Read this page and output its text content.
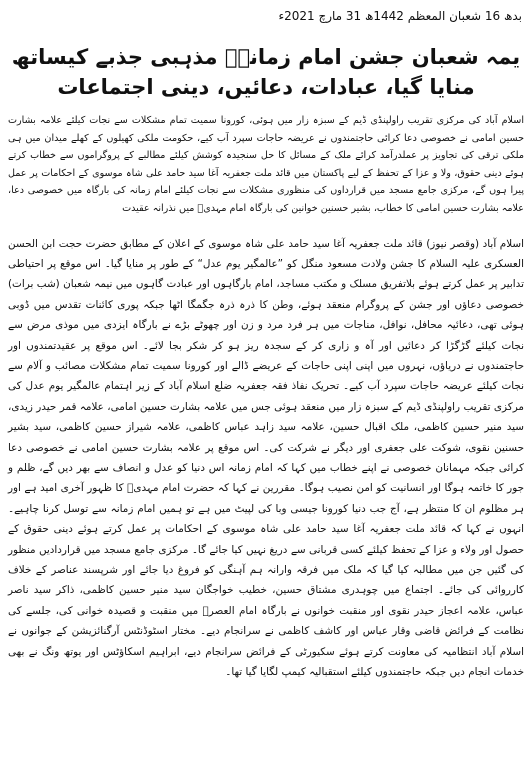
بدھ 16 شعبان المعظم 1442ھ 31 مارچ 2021ء
یمہ شعبان جشن امام زمانہؑ مذہبی جذبے کیساتھ منایا گیا، عبادات، دعائیں، دینی اجتماعات

اسلام آباد کی مرکزی تقریب راولپنڈی ڈیم کے سبزہ زار میں ہوئی، کورونا سمیت تمام مشکلات سے نجات کیلئے علامہ بشارت حسین امامی نے خصوصی دعا کرائی حاجتمندوں نے عریضہ حاجات سپرد آب کیے، حکومت ملکی کھیلوں کے کھلے میدان میں ہی ملکی ترقی کی تجاویز پر عملدرآمد کرائے ملک کے مسائل کا حل سنجیدہ کوشش کیلئے مطالبے کے پروگراموں سے خطاب کرتے ہوئے دینی حقوق، ولا و عزا کے تحفظ کے لیے پاکستان میں قائد ملت جعفریہ آغا سید حامد علی شاہ موسوی کے احکامات پر عمل پیرا ہوں گے، مرکزی جامع مسجد میں قرارداوں کی منظوری مشکلات سے نجات کیلئے امام زمانہ کی بارگاہ میں خصوصی دعا، علامہ بشارت حسین امامی کا خطاب، بشیر حسنین خوانین کی بارگاہ امام مہدیؑ میں نذرانہ عقیدت

اسلام آباد (وقصر نیوز) قائد ملت جعفریہ آغا سید حامد علی شاہ موسوی کے اعلان کے مطابق حضرت حجت ابن الحسن العسکری علیہ السلام کا جشن ولادت مسعود منگل کو ”عالمگیر یوم عدل“ کے طور پر منایا گیا۔ اس موقع پر احتیاطی تدابیر پر عمل کرتے ہوئے بلاتفریق مسلک و مکتب مساجد، امام بارگاہوں اور عبادت گاہوں میں نیمہ شعبان (شب برات) خصوصی دعاؤں اور جشن کے پروگرام منعقد ہوئے، وطن کا ذرہ ذرہ جگمگا اٹھا جبکہ پوری کائنات تقدس میں ڈوبی ہوئی تھی، دعائیہ محافل، نوافل، مناجات میں ہر فرد مرد و زن اور چھوٹے بڑے نے بارگاہ ایزدی میں موذی مرض سے نجات کیلئے گڑگڑا کر دعائیں اور آہ و زاری کر کے سجدہ ریز ہو کر شکر بجا لائے۔ اس موقع پر عقیدتمندوں اور حاجتمندوں نے دریاؤں، نہروں میں اپنی اپنی حاجات کے عریضے ڈالے اور کورونا سمیت تمام مشکلات مصائب و آلام سے نجات کیلئے عریضہ حاجات سپرد آب کیے۔ تحریک نفاذ فقہ جعفریہ ضلع اسلام آباد کے زیر اہتمام عالمگیر یوم عدل کی مرکزی تقریب راولپنڈی ڈیم کے سبزہ زار میں منعقد ہوئی جس میں علامہ بشارت حسین امامی، علامہ قمر حیدر زیدی، سید منیر حسین کاظمی، ملک اقبال حسین، علامہ سید زاہد عباس کاظمی، علامہ شیراز حسین کاظمی، سید بشیر حسنین نقوی، شوکت علی جعفری اور دیگر نے شرکت کی۔ اس موقع پر علامہ بشارت حسین امامی نے خصوصی دعا کرائی جبکہ مہمانان خصوصی نے اپنے خطاب میں کہا کہ امام زمانہ اس دنیا کو عدل و انصاف سے بھر دیں گے، ظلم و جور کا خاتمہ ہوگا اور انسانیت کو امن نصیب ہوگا۔ مقررین نے کہا کہ حضرت امام مہدیؑ کا ظہور آخری امید ہے اور ہر مظلوم ان کا منتظر ہے، آج جب دنیا کورونا جیسی وبا کی لپیٹ میں ہے تو ہمیں امام زمانہ سے توسل کرنا چاہیے۔ انہوں نے کہا کہ قائد ملت جعفریہ آغا سید حامد علی شاہ موسوی کے احکامات پر عمل کرتے ہوئے دینی حقوق کے حصول اور ولاء و عزا کے تحفظ کیلئے کسی قربانی سے دریغ نہیں کیا جائے گا۔ مرکزی جامع مسجد میں قراردادیں منظور کی گئیں جن میں مطالبہ کیا گیا کہ ملک میں فرقہ وارانہ ہم آہنگی کو فروغ دیا جائے اور شرپسند عناصر کے خلاف کارروائی کی جائے۔ اجتماع میں چوہدری مشتاق حسین، خطیب خواجگان سید منیر حسین کاظمی، ذاکر سید ناصر عباس، علامہ اعجاز حیدر نقوی اور منقبت خوانوں نے بارگاہ امام العصرؑ میں منقبت و قصیدہ خوانی کی، جلسے کی نظامت کے فرائض قاضی وقار عباس اور کاشف کاظمی نے سرانجام دیے۔ مختار اسٹوڈنٹس آرگنائزیشن کے جوانوں نے اسلام آباد انتظامیہ کی معاونت کرتے ہوئے سکیورٹی کے فرائض سرانجام دیے، ابراہیم اسکاؤٹس اور یوتھ ونگ نے بھی خدمات انجام دیں جبکہ حاجتمندوں کیلئے استقبالیہ کیمپ لگایا گیا تھا۔
